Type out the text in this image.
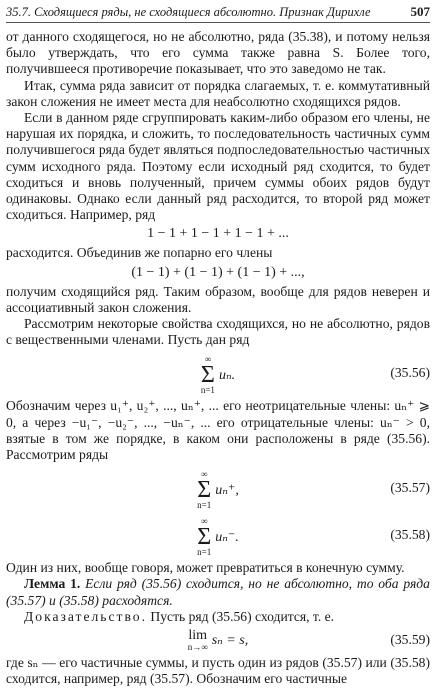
35.7. Сходящиеся ряды, не сходящиеся абсолютно. Признак Дирихле	507

от данного сходящегося, но не абсолютно, ряда (35.38), и потому нельзя было утверждать, что его сумма также равна S. Более того, получившееся противоречие показывает, что это заведомо не так.

Итак, сумма ряда зависит от порядка слагаемых, т. е. коммутативный закон сложения не имеет места для неабсолютно сходящихся рядов.

Если в данном ряде сгруппировать каким-либо образом его члены, не нарушая их порядка, и сложить, то последовательность частичных сумм получившегося ряда будет являться подпоследовательностью частичных сумм исходного ряда. Поэтому если исходный ряд сходится, то будет сходиться и вновь полученный, причем суммы обоих рядов будут одинаковы. Однако если данный ряд расходится, то второй ряд может сходиться. Например, ряд

1 − 1 + 1 − 1 + 1 − 1 + ...

расходится. Объединив же попарно его члены

(1 − 1) + (1 − 1) + (1 − 1) + ...,

получим сходящийся ряд. Таким образом, вообще для рядов неверен и ассоциативный закон сложения.

Рассмотрим некоторые свойства сходящихся, но не абсолютно, рядов с вещественными членами. Пусть дан ряд

∞
Σ
n=1
uₙ.	(35.56)

Обозначим через u₁⁺, u₂⁺, ..., uₙ⁺, ... его неотрицательные члены: uₙ⁺ ⩾ 0, а через −u₁⁻, −u₂⁻, ..., −uₙ⁻, ... его отрицательные члены: uₙ⁻ > 0, взятые в том же порядке, в каком они расположены в ряде (35.56). Рассмотрим ряды

∞
Σ
n=1
uₙ⁺,	(35.57)
∞
Σ
n=1
uₙ⁻.	(35.58)

Один из них, вообще говоря, может превратиться в конечную сумму.

Лемма 1. Если ряд (35.56) сходится, но не абсолютно, то оба ряда (35.57) и (35.58) расходятся.

Доказательство. Пусть ряд (35.56) сходится, т. е.

lim
n→∞ sₙ = s,	(35.59)

где sₙ — его частичные суммы, и пусть один из рядов (35.57) или (35.58) сходится, например, ряд (35.57). Обозначим его частичные
